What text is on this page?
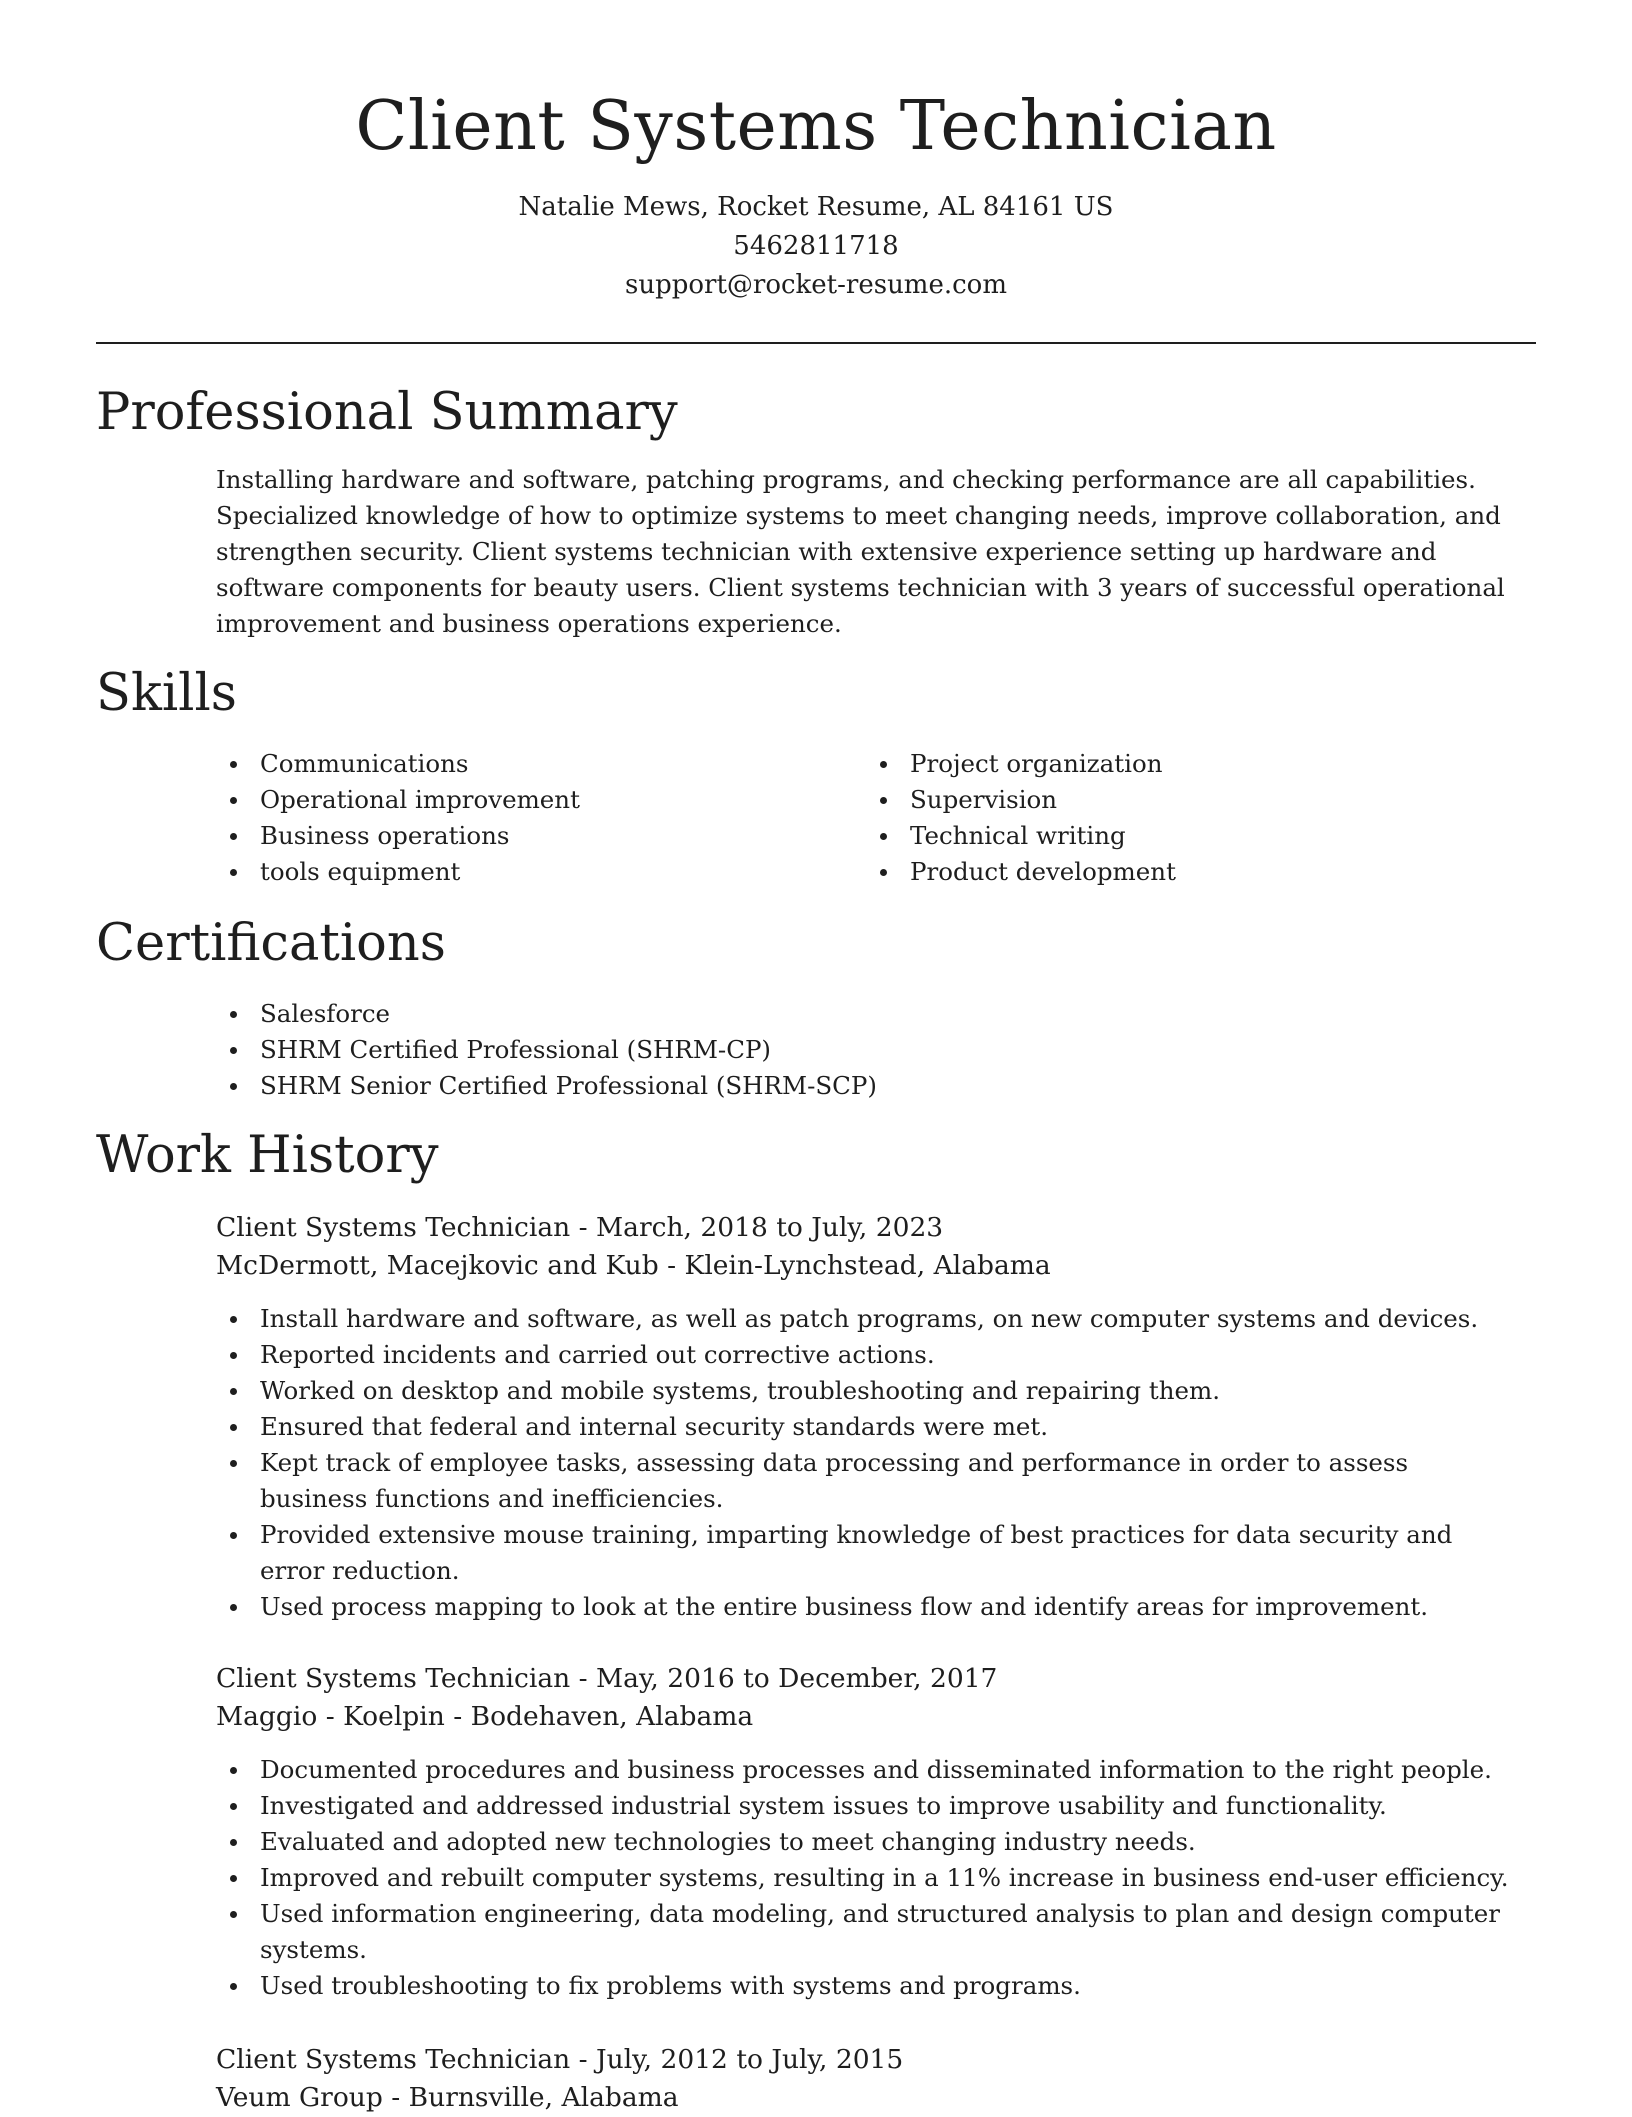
Client Systems Technician
Natalie Mews, Rocket Resume, AL 84161 US
5462811718
support@rocket-resume.com
Professional Summary

Installing hardware and software, patching programs, and checking performance are all capabilities. Specialized knowledge of how to optimize systems to meet changing needs, improve collaboration, and strengthen security. Client systems technician with extensive experience setting up hardware and software components for beauty users. Client systems technician with 3 years of successful operational improvement and business operations experience.

Skills
Communications
Operational improvement
Business operations
tools equipment
Project organization
Supervision
Technical writing
Product development
Certifications
Salesforce
SHRM Certified Professional (SHRM-CP)
SHRM Senior Certified Professional (SHRM-SCP)
Work History
Client Systems Technician - March, 2018 to July, 2023
McDermott, Macejkovic and Kub - Klein-Lynchstead, Alabama
Install hardware and software, as well as patch programs, on new computer systems and devices.
Reported incidents and carried out corrective actions.
Worked on desktop and mobile systems, troubleshooting and repairing them.
Ensured that federal and internal security standards were met.
Kept track of employee tasks, assessing data processing and performance in order to assess business functions and inefficiencies.
Provided extensive mouse training, imparting knowledge of best practices for data security and error reduction.
Used process mapping to look at the entire business flow and identify areas for improvement.
Client Systems Technician - May, 2016 to December, 2017
Maggio - Koelpin - Bodehaven, Alabama
Documented procedures and business processes and disseminated information to the right people.
Investigated and addressed industrial system issues to improve usability and functionality.
Evaluated and adopted new technologies to meet changing industry needs.
Improved and rebuilt computer systems, resulting in a 11% increase in business end-user efficiency.
Used information engineering, data modeling, and structured analysis to plan and design computer systems.
Used troubleshooting to fix problems with systems and programs.
Client Systems Technician - July, 2012 to July, 2015
Veum Group - Burnsville, Alabama
